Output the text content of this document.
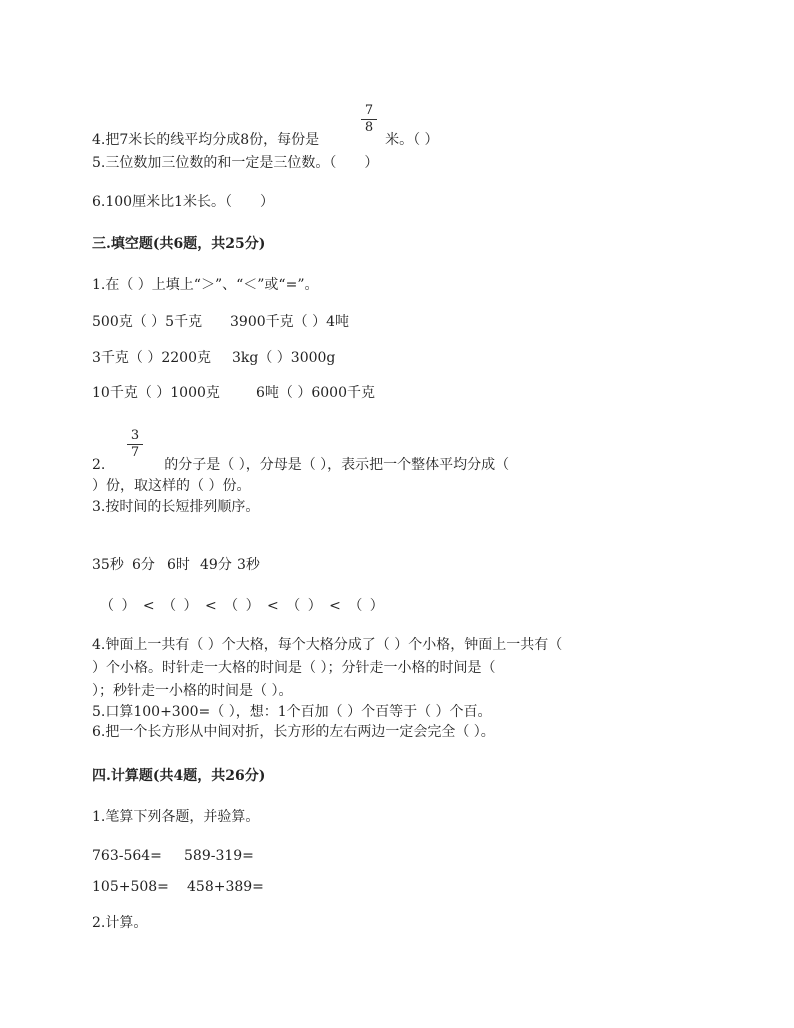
7
8
4.把7米长的线平均分成8份，每份是	米。（ ）
5.三位数加三位数的和一定是三位数。（　　）
6.100厘米比1米长。（　　）
三.填空题(共6题，共25分)
1.在（ ）上填上“＞”、“＜”或“=”。
500克（ ）5千克 3900千克（ ）4吨
3千克（ ）2200克 3kg（ ）3000g
10千克（ ）1000克	6吨（ ）6000千克
3
7
2.	的分子是（ ），分母是（ ），表示把一个整体平均分成（
）份，取这样的（ ）份。
3.按时间的长短排列顺序。
35秒 6分 6时 49分 3秒
（ ） < （ ） < （ ） < （ ） < （ ）
4.钟面上一共有（ ）个大格，每个大格分成了（ ）个小格，钟面上一共有（
）个小格。时针走一大格的时间是（ ）；分针走一小格的时间是（
）；秒针走一小格的时间是（ ）。
5.口算100+300=（ ），想：1个百加（ ）个百等于（ ）个百。
6.把一个长方形从中间对折，长方形的左右两边一定会完全（ ）。
四.计算题(共4题，共26分)
1.笔算下列各题，并验算。
763-564= 589-319=
105+508= 458+389=
2.计算。
